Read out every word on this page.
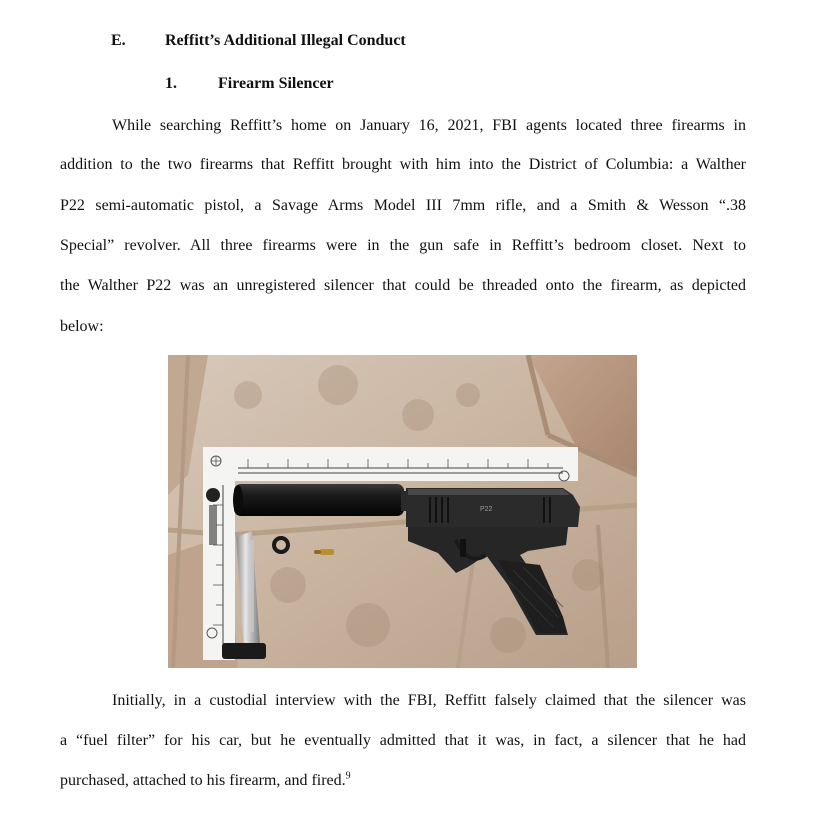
E. Reffitt’s Additional Illegal Conduct
1.	Firearm Silencer
While searching Reffitt’s home on January 16, 2021, FBI agents located three firearms in
addition to the two firearms that Reffitt brought with him into the District of Columbia: a Walther
P22 semi-automatic pistol, a Savage Arms Model III 7mm rifle, and a Smith & Wesson “.38
Special” revolver. All three firearms were in the gun safe in Reffitt’s bedroom closet. Next to
the Walther P22 was an unregistered silencer that could be threaded onto the firearm, as depicted
below:
P22
Initially, in a custodial interview with the FBI, Reffitt falsely claimed that the silencer was
a “fuel filter” for his car, but he eventually admitted that it was, in fact, a silencer that he had
purchased, attached to his firearm, and fired.$^9$
